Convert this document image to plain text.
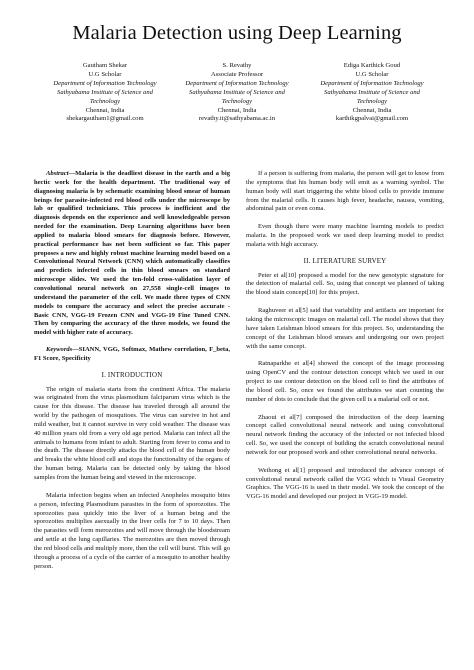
Malaria Detection using Deep Learning
Gautham Shekar
U.G Scholar
Department of Information Technology
Sathyabama Institute of Science and
Technology
Chennai, India
shekargautham1@gmail.com
S. Revathy
Associate Professor
Department of Information Technology
Sathyabama Institute of Science and
Technology
Chennai, India
revathy.it@sathyabama.ac.in
Ediga Karthick Goud
U.G Scholar
Department of Information Technology
Sathyabama Institute of Science and
Technology
Chennai, India
karthikgpalvai@gmail.com

Abstract—Malaria is the deadliest disease in the earth and a big hectic work for the health department. The traditional way of diagnosing malaria is by schematic examining blood smear of human beings for parasite-infected red blood cells under the microscope by lab or qualified technicians. This process is inefficient and the diagnosis depends on the experience and well knowledgeable person needed for the examination. Deep Learning algorithms have been applied to malaria blood smears for diagnosis before. However, practical performance has not been sufficient so far. This paper proposes a new and highly robust machine learning model based on a Convolutional Neural Network (CNN) which automatically classifies and predicts infected cells in thin blood smears on standard microscope slides. We used the ten-fold cross-validation layer of convolutional neural network on 27,558 single-cell images to understand the parameter of the cell. We made three types of CNN models to compare the accuracy and select the precise accurate - Basic CNN, VGG-19 Frozen CNN and VGG-19 Fine Tuned CNN. Then by comparing the accuracy of the three models, we found the model with higher rate of accuracy.

Keywords—SIANN, VGG, Softmax, Mathew correlation, F_beta, F1 Score, Specificity

I. INTRODUCTION

The origin of malaria starts from the continent Africa. The malaria was originated from the virus plasmodium falciparum virus which is the cause for this disease. The disease has traveled through all around the world by the pathogen of mosquitoes. The virus can survive in hot and mild weather, but it cannot survive in very cold weather. The disease was 40 million years old from a very old age period. Malaria can infect all the animals to humans from infant to adult. Starting from fever to coma and to the death. The disease directly attacks the blood cell of the human body and breaks the white blood cell and stops the functionality of the organs of the human being. Malaria can be detected only by taking the blood samples from the human being and viewed in the microscope.

Malaria infection begins when an infected Anopheles mosquito bites a person, infecting Plasmodium parasites in the form of sporozoites. The sporozoites pass quickly into the liver of a human being and the sporozoites multiplies asexually in the liver cells for 7 to 10 days. Then the parasites will form merozoites and will move through the bloodstream and settle at the lung capillaries. The merozoites are then moved through the red blood cells and multiply more, then the cell will burst. This will go through a process of a cycle of the carrier of a mosquito to another healthy person.

If a person is suffering from malaria, the person will get to know from the symptoms that his human body will emit as a warning symbol. The human body will start triggering the white blood cells to provide immune from the malarial cells. It causes high fever, headache, nausea, vomiting, abdominal pain or even coma.

Even though there were many machine learning models to predict malaria. In the proposed work we used deep learning model to predict malaria with high accuracy.

II. LITERATURE SURVEY

Peter et al[10] proposed a model for the new genotypic signature for the detection of malarial cell. So, using that concept we planned of taking the blood stain concept[10] for this project.

Raghuveer et al[5] said that variability and artifacts are important for taking the microscopic images on malarial cell. The model shows that they have taken Leishman blood smears for this project. So, understanding the concept of the Leishman blood smears and undergoing our own project with the same concept.

Ratnaparkhe et al[4] showed the concept of the image processing using OpenCV and the contour detection concept which we used in our project to use contour detection on the blood cell to find the attributes of the blood cell. So, once we found the attributes we start counting the number of dots to conclude that the given cell is a malarial cell or not.

Zhaoui et al[7] composed the introduction of the deep learning concept called convolutional neural network and using convolutional neural network finding the accuracy of the infected or not infected blood cell. So, we used the concept of building the scratch convolutional neural network for our proposed work and other convolutional neural networks.

Weihong et al[1] proposed and introduced the advance concept of convolutional neural network called the VGG which is Visual Geometry Graphics. The VGG-16 is used in their model. We took the concept of the VGG-16 model and developed our project in VGG-19 model.
